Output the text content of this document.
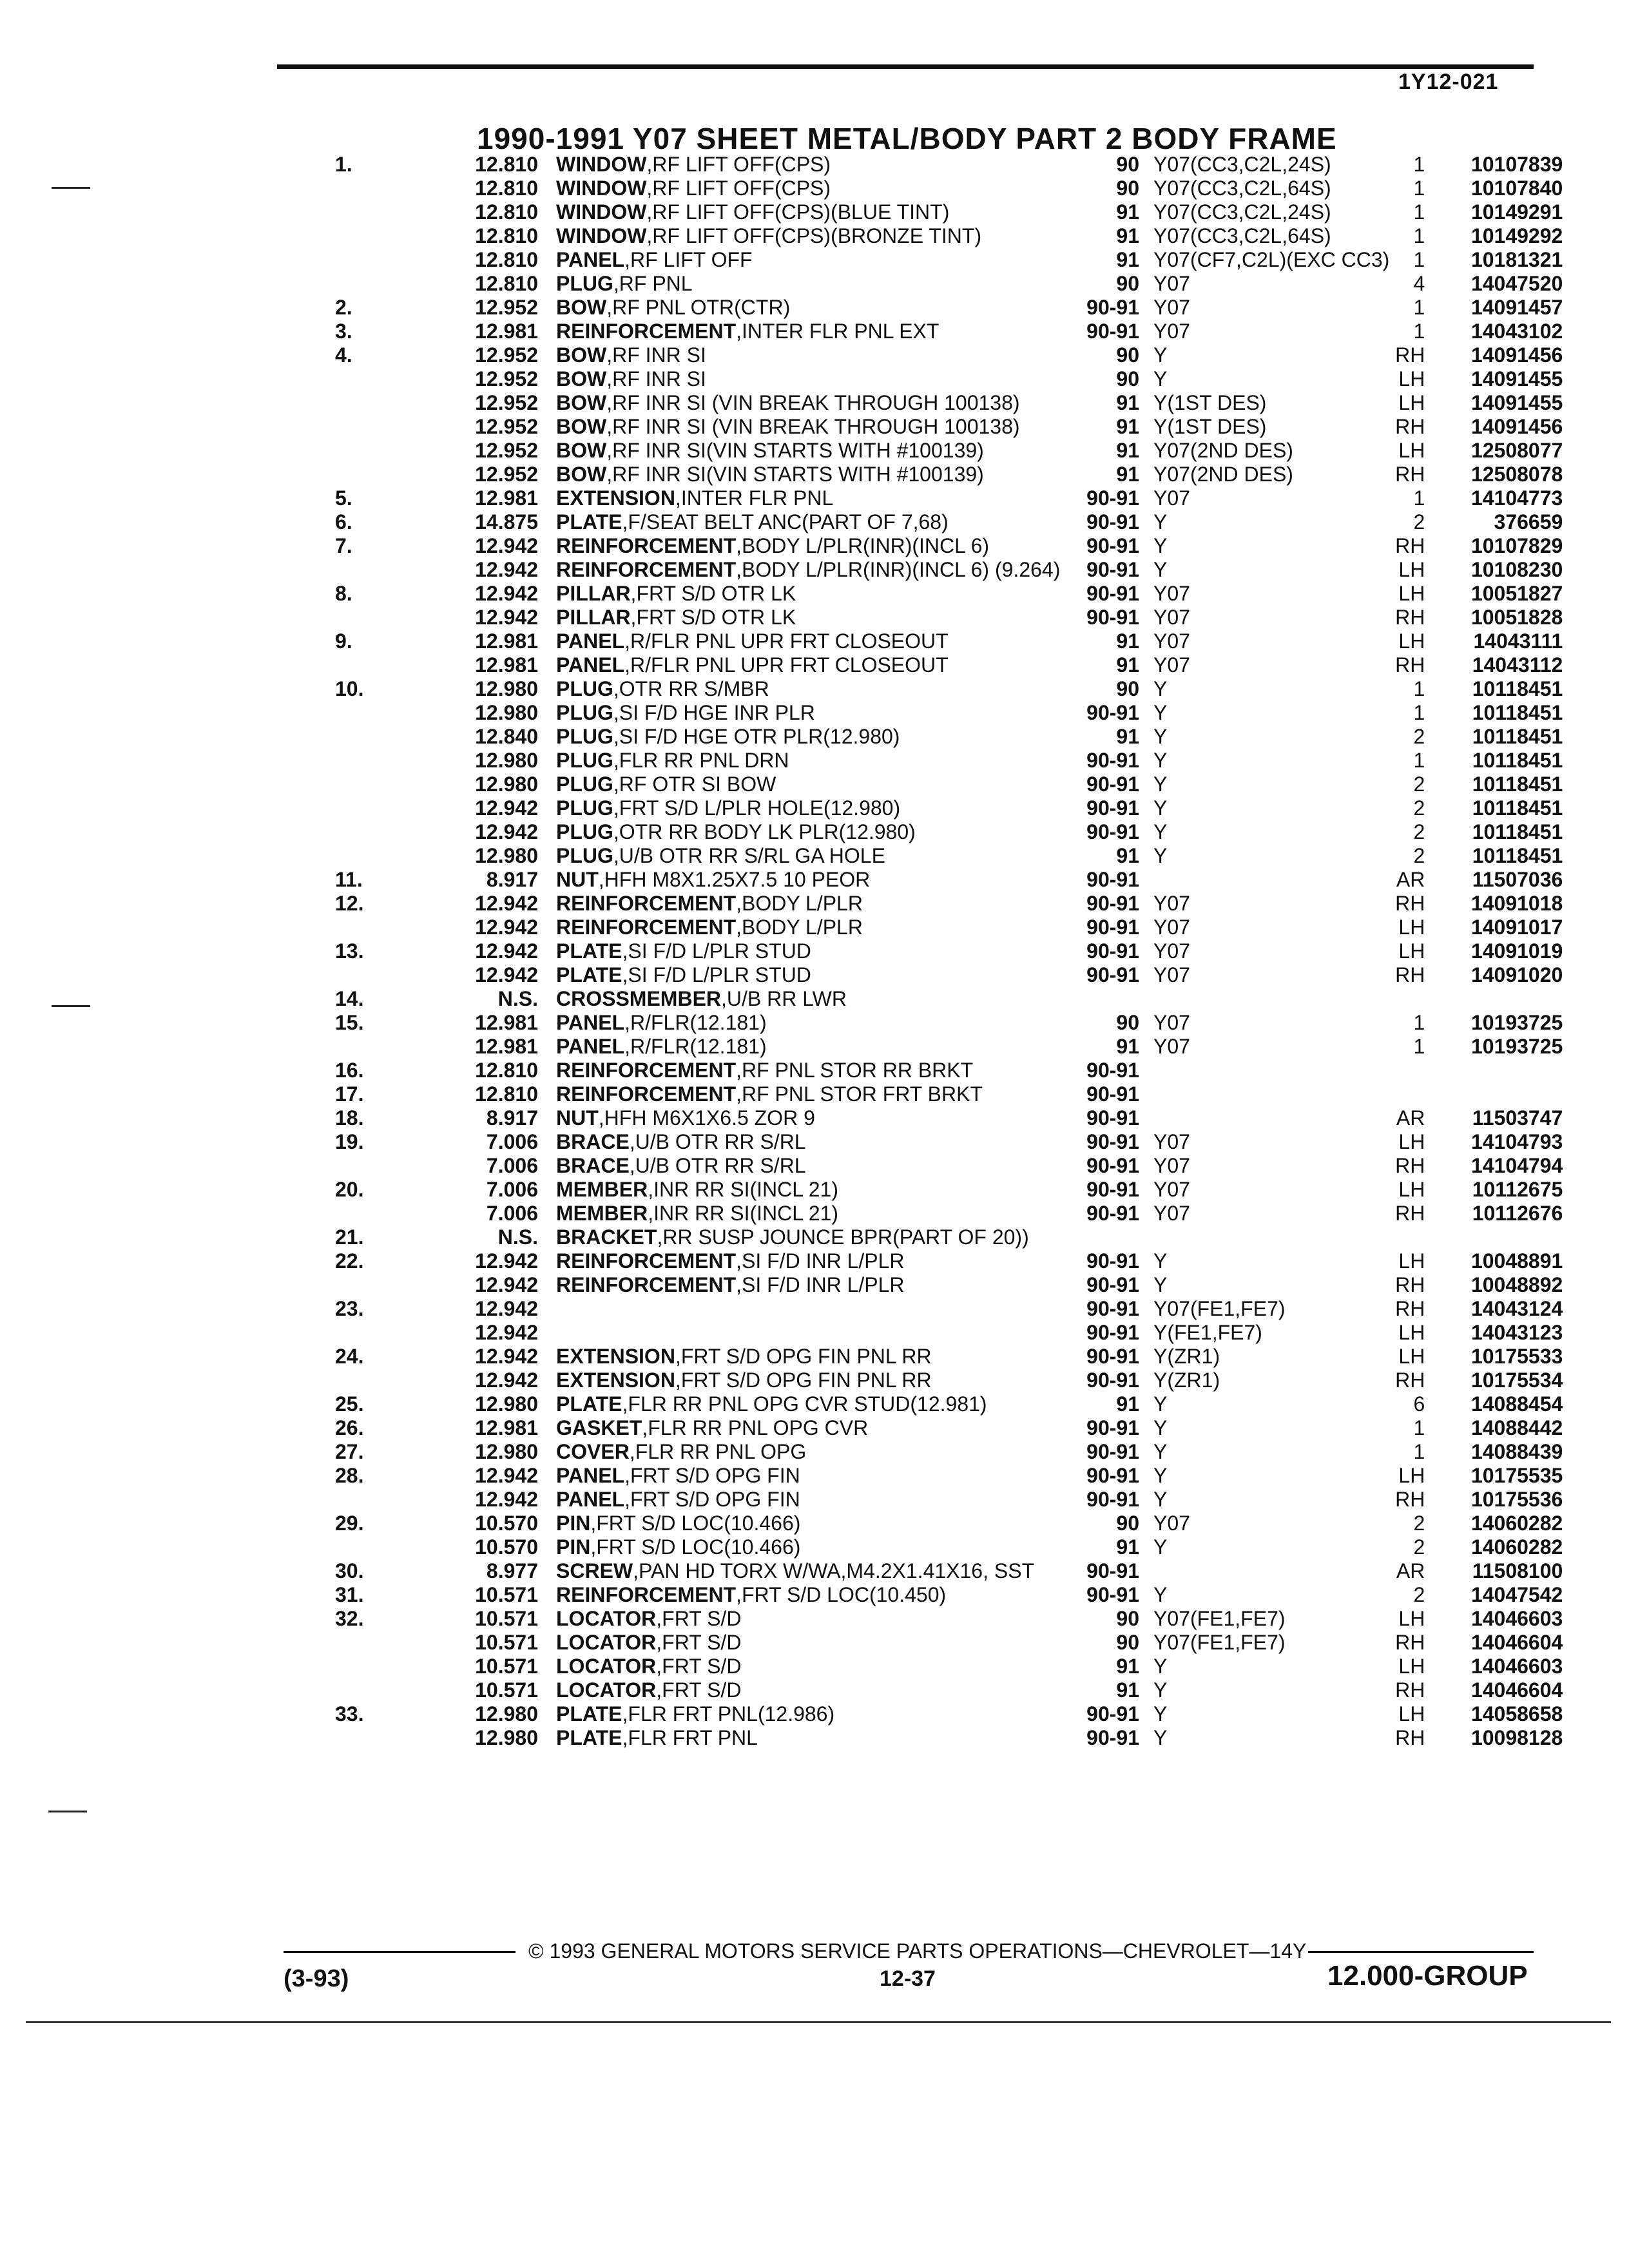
1Y12-021
1990-1991 Y07 SHEET METAL/BODY PART 2 BODY FRAME
1.	12.810	WINDOW,RF LIFT OFF(CPS)	90	Y07(CC3,C2L,24S)	1	10107839
	12.810	WINDOW,RF LIFT OFF(CPS)	90	Y07(CC3,C2L,64S)	1	10107840
	12.810	WINDOW,RF LIFT OFF(CPS)(BLUE TINT)	91	Y07(CC3,C2L,24S)	1	10149291
	12.810	WINDOW,RF LIFT OFF(CPS)(BRONZE TINT)	91	Y07(CC3,C2L,64S)	1	10149292
	12.810	PANEL,RF LIFT OFF	91	Y07(CF7,C2L)(EXC CC3)	1	10181321
	12.810	PLUG,RF PNL	90	Y07	4	14047520
2.	12.952	BOW,RF PNL OTR(CTR)	90-91	Y07	1	14091457
3.	12.981	REINFORCEMENT,INTER FLR PNL EXT	90-91	Y07	1	14043102
4.	12.952	BOW,RF INR SI	90	Y	RH	14091456
	12.952	BOW,RF INR SI	90	Y	LH	14091455
	12.952	BOW,RF INR SI (VIN BREAK THROUGH 100138)	91	Y(1ST DES)	LH	14091455
	12.952	BOW,RF INR SI (VIN BREAK THROUGH 100138)	91	Y(1ST DES)	RH	14091456
	12.952	BOW,RF INR SI(VIN STARTS WITH #100139)	91	Y07(2ND DES)	LH	12508077
	12.952	BOW,RF INR SI(VIN STARTS WITH #100139)	91	Y07(2ND DES)	RH	12508078
5.	12.981	EXTENSION,INTER FLR PNL	90-91	Y07	1	14104773
6.	14.875	PLATE,F/SEAT BELT ANC(PART OF 7,68)	90-91	Y	2	376659
7.	12.942	REINFORCEMENT,BODY L/PLR(INR)(INCL 6)	90-91	Y	RH	10107829
	12.942	REINFORCEMENT,BODY L/PLR(INR)(INCL 6) (9.264)	90-91	Y	LH	10108230
8.	12.942	PILLAR,FRT S/D OTR LK	90-91	Y07	LH	10051827
	12.942	PILLAR,FRT S/D OTR LK	90-91	Y07	RH	10051828
9.	12.981	PANEL,R/FLR PNL UPR FRT CLOSEOUT	91	Y07	LH	14043111
	12.981	PANEL,R/FLR PNL UPR FRT CLOSEOUT	91	Y07	RH	14043112
10.	12.980	PLUG,OTR RR S/MBR	90	Y	1	10118451
	12.980	PLUG,SI F/D HGE INR PLR	90-91	Y	1	10118451
	12.840	PLUG,SI F/D HGE OTR PLR(12.980)	91	Y	2	10118451
	12.980	PLUG,FLR RR PNL DRN	90-91	Y	1	10118451
	12.980	PLUG,RF OTR SI BOW	90-91	Y	2	10118451
	12.942	PLUG,FRT S/D L/PLR HOLE(12.980)	90-91	Y	2	10118451
	12.942	PLUG,OTR RR BODY LK PLR(12.980)	90-91	Y	2	10118451
	12.980	PLUG,U/B OTR RR S/RL GA HOLE	91	Y	2	10118451
11.	8.917	NUT,HFH M8X1.25X7.5 10 PEOR	90-91		AR	11507036
12.	12.942	REINFORCEMENT,BODY L/PLR	90-91	Y07	RH	14091018
	12.942	REINFORCEMENT,BODY L/PLR	90-91	Y07	LH	14091017
13.	12.942	PLATE,SI F/D L/PLR STUD	90-91	Y07	LH	14091019
	12.942	PLATE,SI F/D L/PLR STUD	90-91	Y07	RH	14091020
14.	N.S.	CROSSMEMBER,U/B RR LWR				
15.	12.981	PANEL,R/FLR(12.181)	90	Y07	1	10193725
	12.981	PANEL,R/FLR(12.181)	91	Y07	1	10193725
16.	12.810	REINFORCEMENT,RF PNL STOR RR BRKT	90-91			
17.	12.810	REINFORCEMENT,RF PNL STOR FRT BRKT	90-91			
18.	8.917	NUT,HFH M6X1X6.5 ZOR 9	90-91		AR	11503747
19.	7.006	BRACE,U/B OTR RR S/RL	90-91	Y07	LH	14104793
	7.006	BRACE,U/B OTR RR S/RL	90-91	Y07	RH	14104794
20.	7.006	MEMBER,INR RR SI(INCL 21)	90-91	Y07	LH	10112675
	7.006	MEMBER,INR RR SI(INCL 21)	90-91	Y07	RH	10112676
21.	N.S.	BRACKET,RR SUSP JOUNCE BPR(PART OF 20))				
22.	12.942	REINFORCEMENT,SI F/D INR L/PLR	90-91	Y	LH	10048891
	12.942	REINFORCEMENT,SI F/D INR L/PLR	90-91	Y	RH	10048892
23.	12.942		90-91	Y07(FE1,FE7)	RH	14043124
	12.942		90-91	Y(FE1,FE7)	LH	14043123
24.	12.942	EXTENSION,FRT S/D OPG FIN PNL RR	90-91	Y(ZR1)	LH	10175533
	12.942	EXTENSION,FRT S/D OPG FIN PNL RR	90-91	Y(ZR1)	RH	10175534
25.	12.980	PLATE,FLR RR PNL OPG CVR STUD(12.981)	91	Y	6	14088454
26.	12.981	GASKET,FLR RR PNL OPG CVR	90-91	Y	1	14088442
27.	12.980	COVER,FLR RR PNL OPG	90-91	Y	1	14088439
28.	12.942	PANEL,FRT S/D OPG FIN	90-91	Y	LH	10175535
	12.942	PANEL,FRT S/D OPG FIN	90-91	Y	RH	10175536
29.	10.570	PIN,FRT S/D LOC(10.466)	90	Y07	2	14060282
	10.570	PIN,FRT S/D LOC(10.466)	91	Y	2	14060282
30.	8.977	SCREW,PAN HD TORX W/WA,M4.2X1.41X16, SST	90-91		AR	11508100
31.	10.571	REINFORCEMENT,FRT S/D LOC(10.450)	90-91	Y	2	14047542
32.	10.571	LOCATOR,FRT S/D	90	Y07(FE1,FE7)	LH	14046603
	10.571	LOCATOR,FRT S/D	90	Y07(FE1,FE7)	RH	14046604
	10.571	LOCATOR,FRT S/D	91	Y	LH	14046603
	10.571	LOCATOR,FRT S/D	91	Y	RH	14046604
33.	12.980	PLATE,FLR FRT PNL(12.986)	90-91	Y	LH	14058658
	12.980	PLATE,FLR FRT PNL	90-91	Y	RH	10098128
© 1993 GENERAL MOTORS SERVICE PARTS OPERATIONS—CHEVROLET—14Y
(3-93)	12-37	12.000-GROUP
